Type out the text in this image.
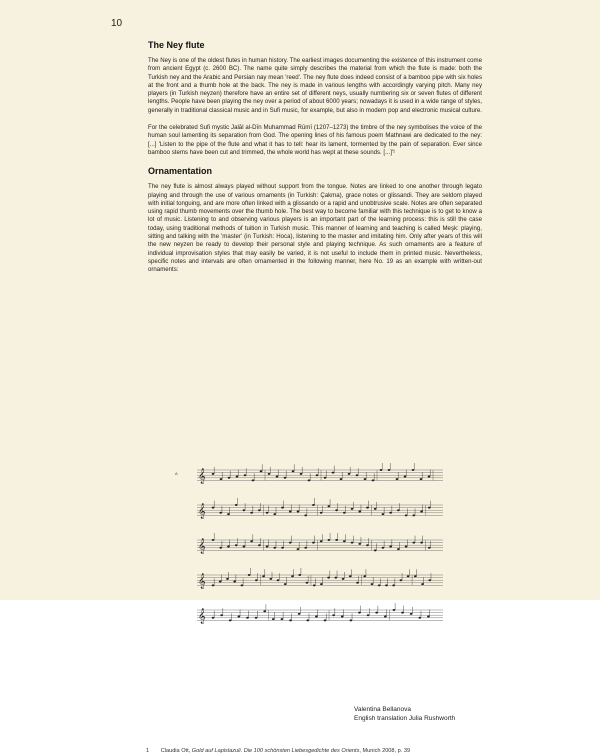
10
The Ney flute

The Ney is one of the oldest flutes in human history. The earliest images documenting the existence of this instrument come from ancient Egypt (c. 2600 BC). The name quite simply describes the material from which the flute is made: both the Turkish ney and the Arabic and Persian nay mean 'reed'. The ney flute does indeed consist of a bamboo pipe with six holes at the front and a thumb hole at the back. The ney is made in various lengths with accordingly varying pitch. Many ney players (in Turkish neyzen) therefore have an entire set of different neys, usually numbering six or seven flutes of different lengths. People have been playing the ney over a period of about 6000 years; nowadays it is used in a wide range of styles, generally in traditional classical music and in Sufi music, for example, but also in modern pop and electronic musical culture.

For the celebrated Sufi mystic Jalāl al-Dīn Muhammad Rūmī (1207–1273) the timbre of the ney symbolises the voice of the human soul lamenting its separation from God. The opening lines of his famous poem Mathnawi are dedicated to the ney: [...] 'Listen to the pipe of the flute and what it has to tell: hear its lament, tormented by the pain of separation. Ever since bamboo stems have been cut and trimmed, the whole world has wept at these sounds. [...]'¹

Ornamentation

The ney flute is almost always played without support from the tongue. Notes are linked to one another through legato playing and through the use of various ornaments (in Turkish: Çakma), grace notes or glissandi. They are seldom played with initial tonguing, and are more often linked with a glissando or a rapid and unobtrusive scale. Notes are often separated using rapid thumb movements over the thumb hole. The best way to become familiar with this technique is to get to know a lot of music. Listening to and observing various players is an important part of the learning process: this is still the case today, using traditional methods of tuition in Turkish music. This manner of learning and teaching is called Meşk: playing, sitting and talking with the 'master' (in Turkish: Hoca), listening to the master and imitating him. Only after years of this will the new neyzen be ready to develop their personal style and playing technique. As such ornaments are a feature of individual improvisation styles that may easily be varied, it is not useful to include them in printed music. Nevertheless, specific notes and intervals are often ornamented in the following manner, here No. 19 as an example with written-out ornaments:

𝄞
𝄞
𝄞
𝄞
𝄞
A
Valentina Bellanova
English translation Julia Rushworth
1 Claudia Ott, Gold auf Lapislazuli. Die 100 schönsten Liebesgedichte des Orients, Munich 2008, p. 39
